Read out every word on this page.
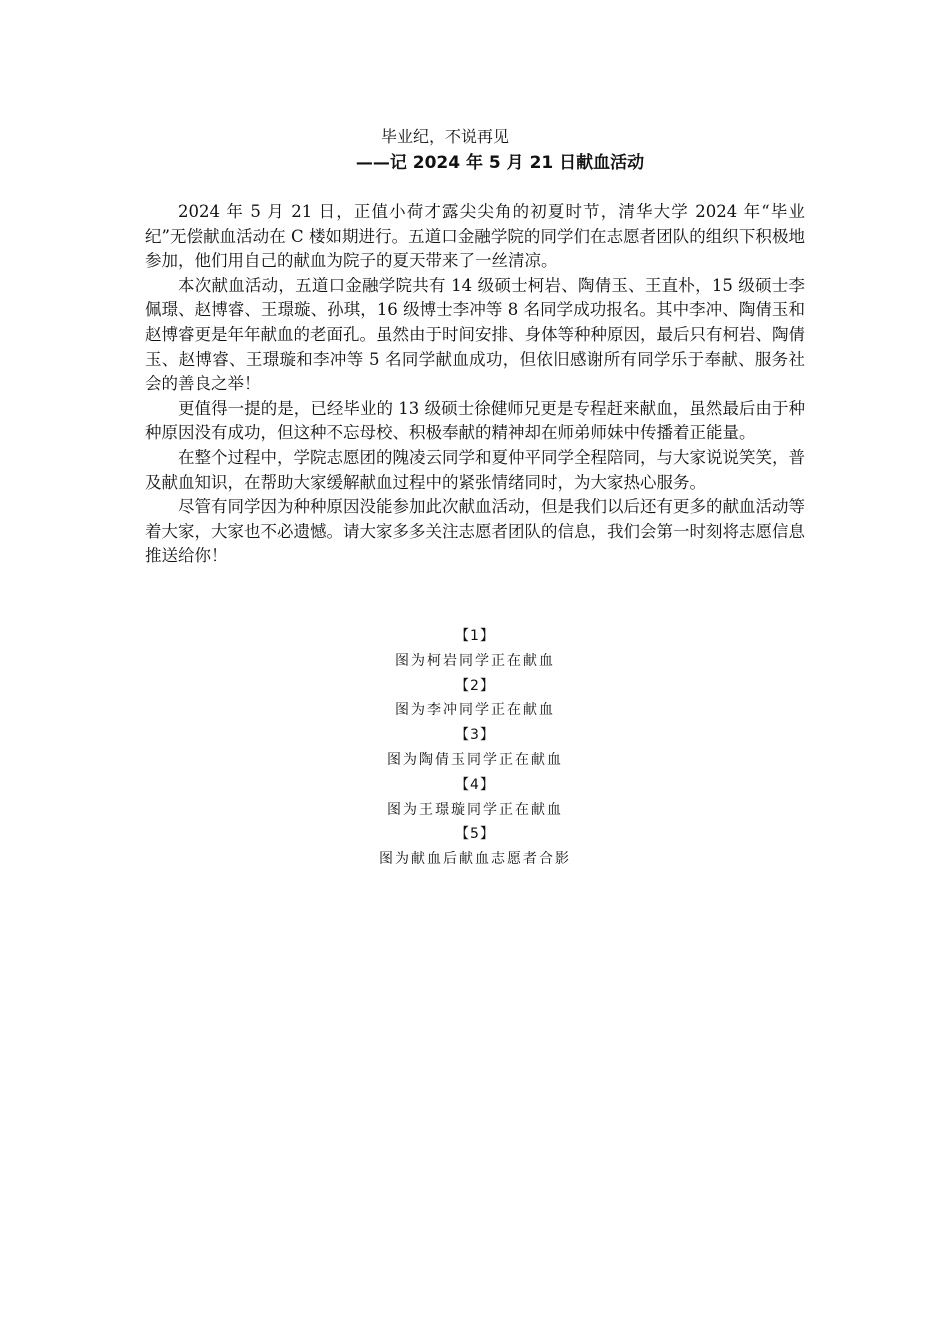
毕业纪，不说再见
——记 2024 年 5 月 21 日献血活动

2024 年 5 月 21 日，正值小荷才露尖尖角的初夏时节，清华大学 2024 年“毕业纪”无偿献血活动在 C 楼如期进行。五道口金融学院的同学们在志愿者团队的组织下积极地参加，他们用自己的献血为院子的夏天带来了一丝清凉。

本次献血活动，五道口金融学院共有 14 级硕士柯岩、陶倩玉、王直朴，15 级硕士李佩璟、赵博睿、王璟璇、孙琪，16 级博士李冲等 8 名同学成功报名。其中李冲、陶倩玉和赵博睿更是年年献血的老面孔。虽然由于时间安排、身体等种种原因，最后只有柯岩、陶倩玉、赵博睿、王璟璇和李冲等 5 名同学献血成功，但依旧感谢所有同学乐于奉献、服务社会的善良之举！

更值得一提的是，已经毕业的 13 级硕士徐健师兄更是专程赶来献血，虽然最后由于种种原因没有成功，但这种不忘母校、积极奉献的精神却在师弟师妹中传播着正能量。

在整个过程中，学院志愿团的隗凌云同学和夏仲平同学全程陪同，与大家说说笑笑，普及献血知识，在帮助大家缓解献血过程中的紧张情绪同时，为大家热心服务。

尽管有同学因为种种原因没能参加此次献血活动，但是我们以后还有更多的献血活动等着大家，大家也不必遗憾。请大家多多关注志愿者团队的信息，我们会第一时刻将志愿信息推送给你！

【1】
图为柯岩同学正在献血
【2】
图为李冲同学正在献血
【3】
图为陶倩玉同学正在献血
【4】
图为王璟璇同学正在献血
【5】
图为献血后献血志愿者合影
